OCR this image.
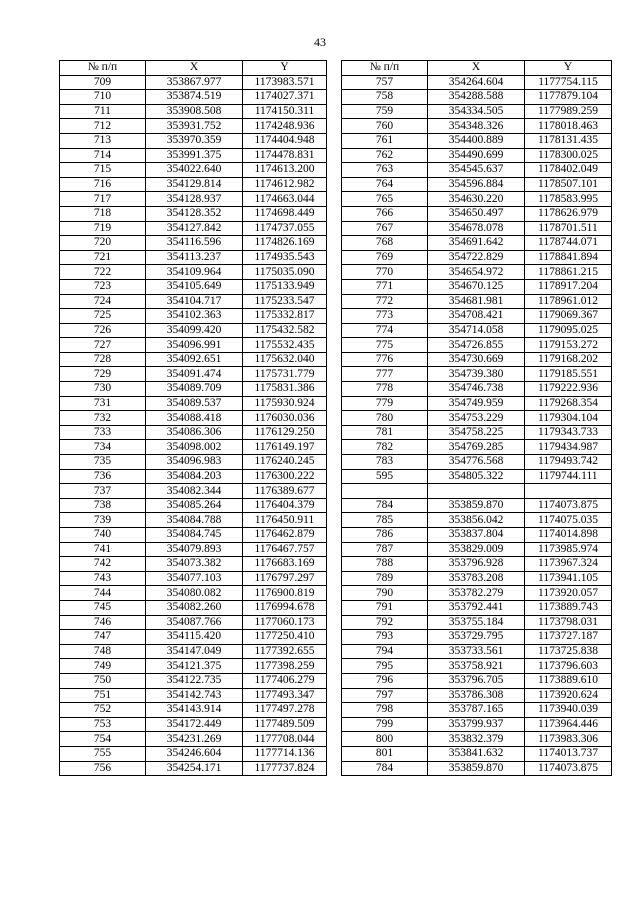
43
№ п/п	X	Y
709	353867.977	1173983.571
710	353874.519	1174027.371
711	353908.508	1174150.311
712	353931.752	1174248.936
713	353970.359	1174404.948
714	353991.375	1174478.831
715	354022.640	1174613.200
716	354129.814	1174612.982
717	354128.937	1174663.044
718	354128.352	1174698.449
719	354127.842	1174737.055
720	354116.596	1174826.169
721	354113.237	1174935.543
722	354109.964	1175035.090
723	354105.649	1175133.949
724	354104.717	1175233.547
725	354102.363	1175332.817
726	354099.420	1175432.582
727	354096.991	1175532.435
728	354092.651	1175632.040
729	354091.474	1175731.779
730	354089.709	1175831.386
731	354089.537	1175930.924
732	354088.418	1176030.036
733	354086.306	1176129.250
734	354098.002	1176149.197
735	354096.983	1176240.245
736	354084.203	1176300.222
737	354082.344	1176389.677
738	354085.264	1176404.379
739	354084.788	1176450.911
740	354084.745	1176462.879
741	354079.893	1176467.757
742	354073.382	1176683.169
743	354077.103	1176797.297
744	354080.082	1176900.819
745	354082.260	1176994.678
746	354087.766	1177060.173
747	354115.420	1177250.410
748	354147.049	1177392.655
749	354121.375	1177398.259
750	354122.735	1177406.279
751	354142.743	1177493.347
752	354143.914	1177497.278
753	354172.449	1177489.509
754	354231.269	1177708.044
755	354246.604	1177714.136
756	354254.171	1177737.824
№ п/п	X	Y
757	354264.604	1177754.115
758	354288.588	1177879.104
759	354334.505	1177989.259
760	354348.326	1178018.463
761	354400.889	1178131.435
762	354490.699	1178300.025
763	354545.637	1178402.049
764	354596.884	1178507.101
765	354630.220	1178583.995
766	354650.497	1178626.979
767	354678.078	1178701.511
768	354691.642	1178744.071
769	354722.829	1178841.894
770	354654.972	1178861.215
771	354670.125	1178917.204
772	354681.981	1178961.012
773	354708.421	1179069.367
774	354714.058	1179095.025
775	354726.855	1179153.272
776	354730.669	1179168.202
777	354739.380	1179185.551
778	354746.738	1179222.936
779	354749.959	1179268.354
780	354753.229	1179304.104
781	354758.225	1179343.733
782	354769.285	1179434.987
783	354776.568	1179493.742
595	354805.322	1179744.111

784	353859.870	1174073.875
785	353856.042	1174075.035
786	353837.804	1174014.898
787	353829.009	1173985.974
788	353796.928	1173967.324
789	353783.208	1173941.105
790	353782.279	1173920.057
791	353792.441	1173889.743
792	353755.184	1173798.031
793	353729.795	1173727.187
794	353733.561	1173725.838
795	353758.921	1173796.603
796	353796.705	1173889.610
797	353786.308	1173920.624
798	353787.165	1173940.039
799	353799.937	1173964.446
800	353832.379	1173983.306
801	353841.632	1174013.737
784	353859.870	1174073.875
